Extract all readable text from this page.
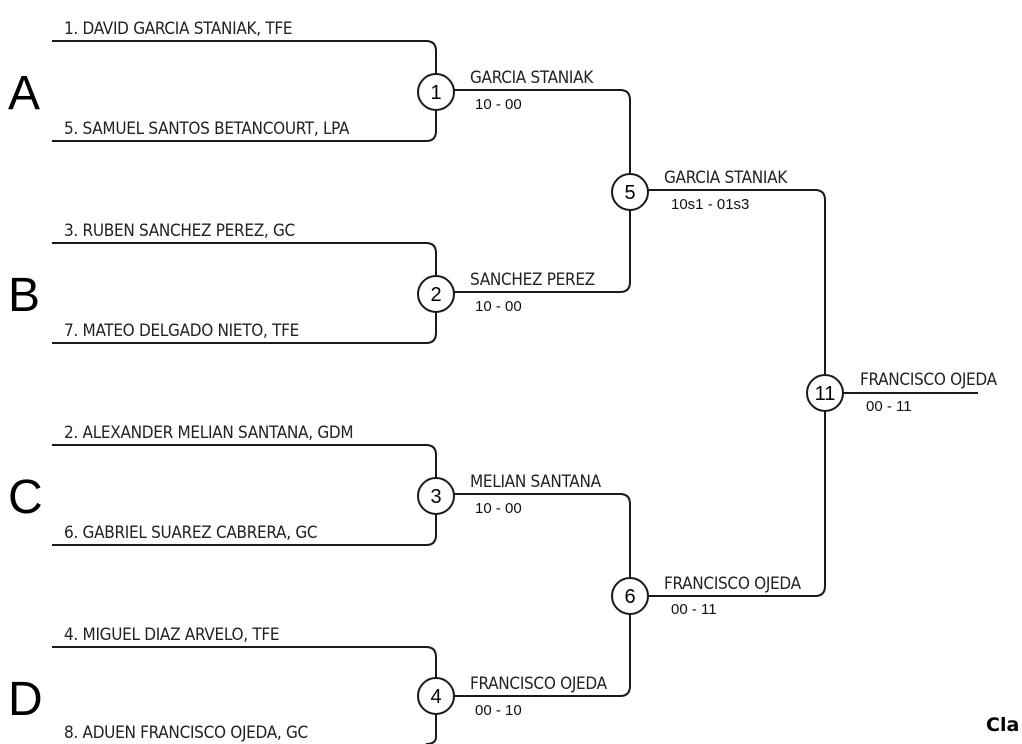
A
B
C
D
1. DAVID GARCIA STANIAK, TFE
5. SAMUEL SANTOS BETANCOURT, LPA
3. RUBEN SANCHEZ PEREZ, GC
7. MATEO DELGADO NIETO, TFE
2. ALEXANDER MELIAN SANTANA, GDM
6. GABRIEL SUAREZ CABRERA, GC
4. MIGUEL DIAZ ARVELO, TFE
8. ADUEN FRANCISCO OJEDA, GC
GARCIA STANIAK
10 - 00
SANCHEZ PEREZ
10 - 00
MELIAN SANTANA
10 - 00
FRANCISCO OJEDA
00 - 10
GARCIA STANIAK
10s1 - 01s3
FRANCISCO OJEDA
00 - 11
FRANCISCO OJEDA
00 - 11
1
2
3
4
5
6
11
Cla
